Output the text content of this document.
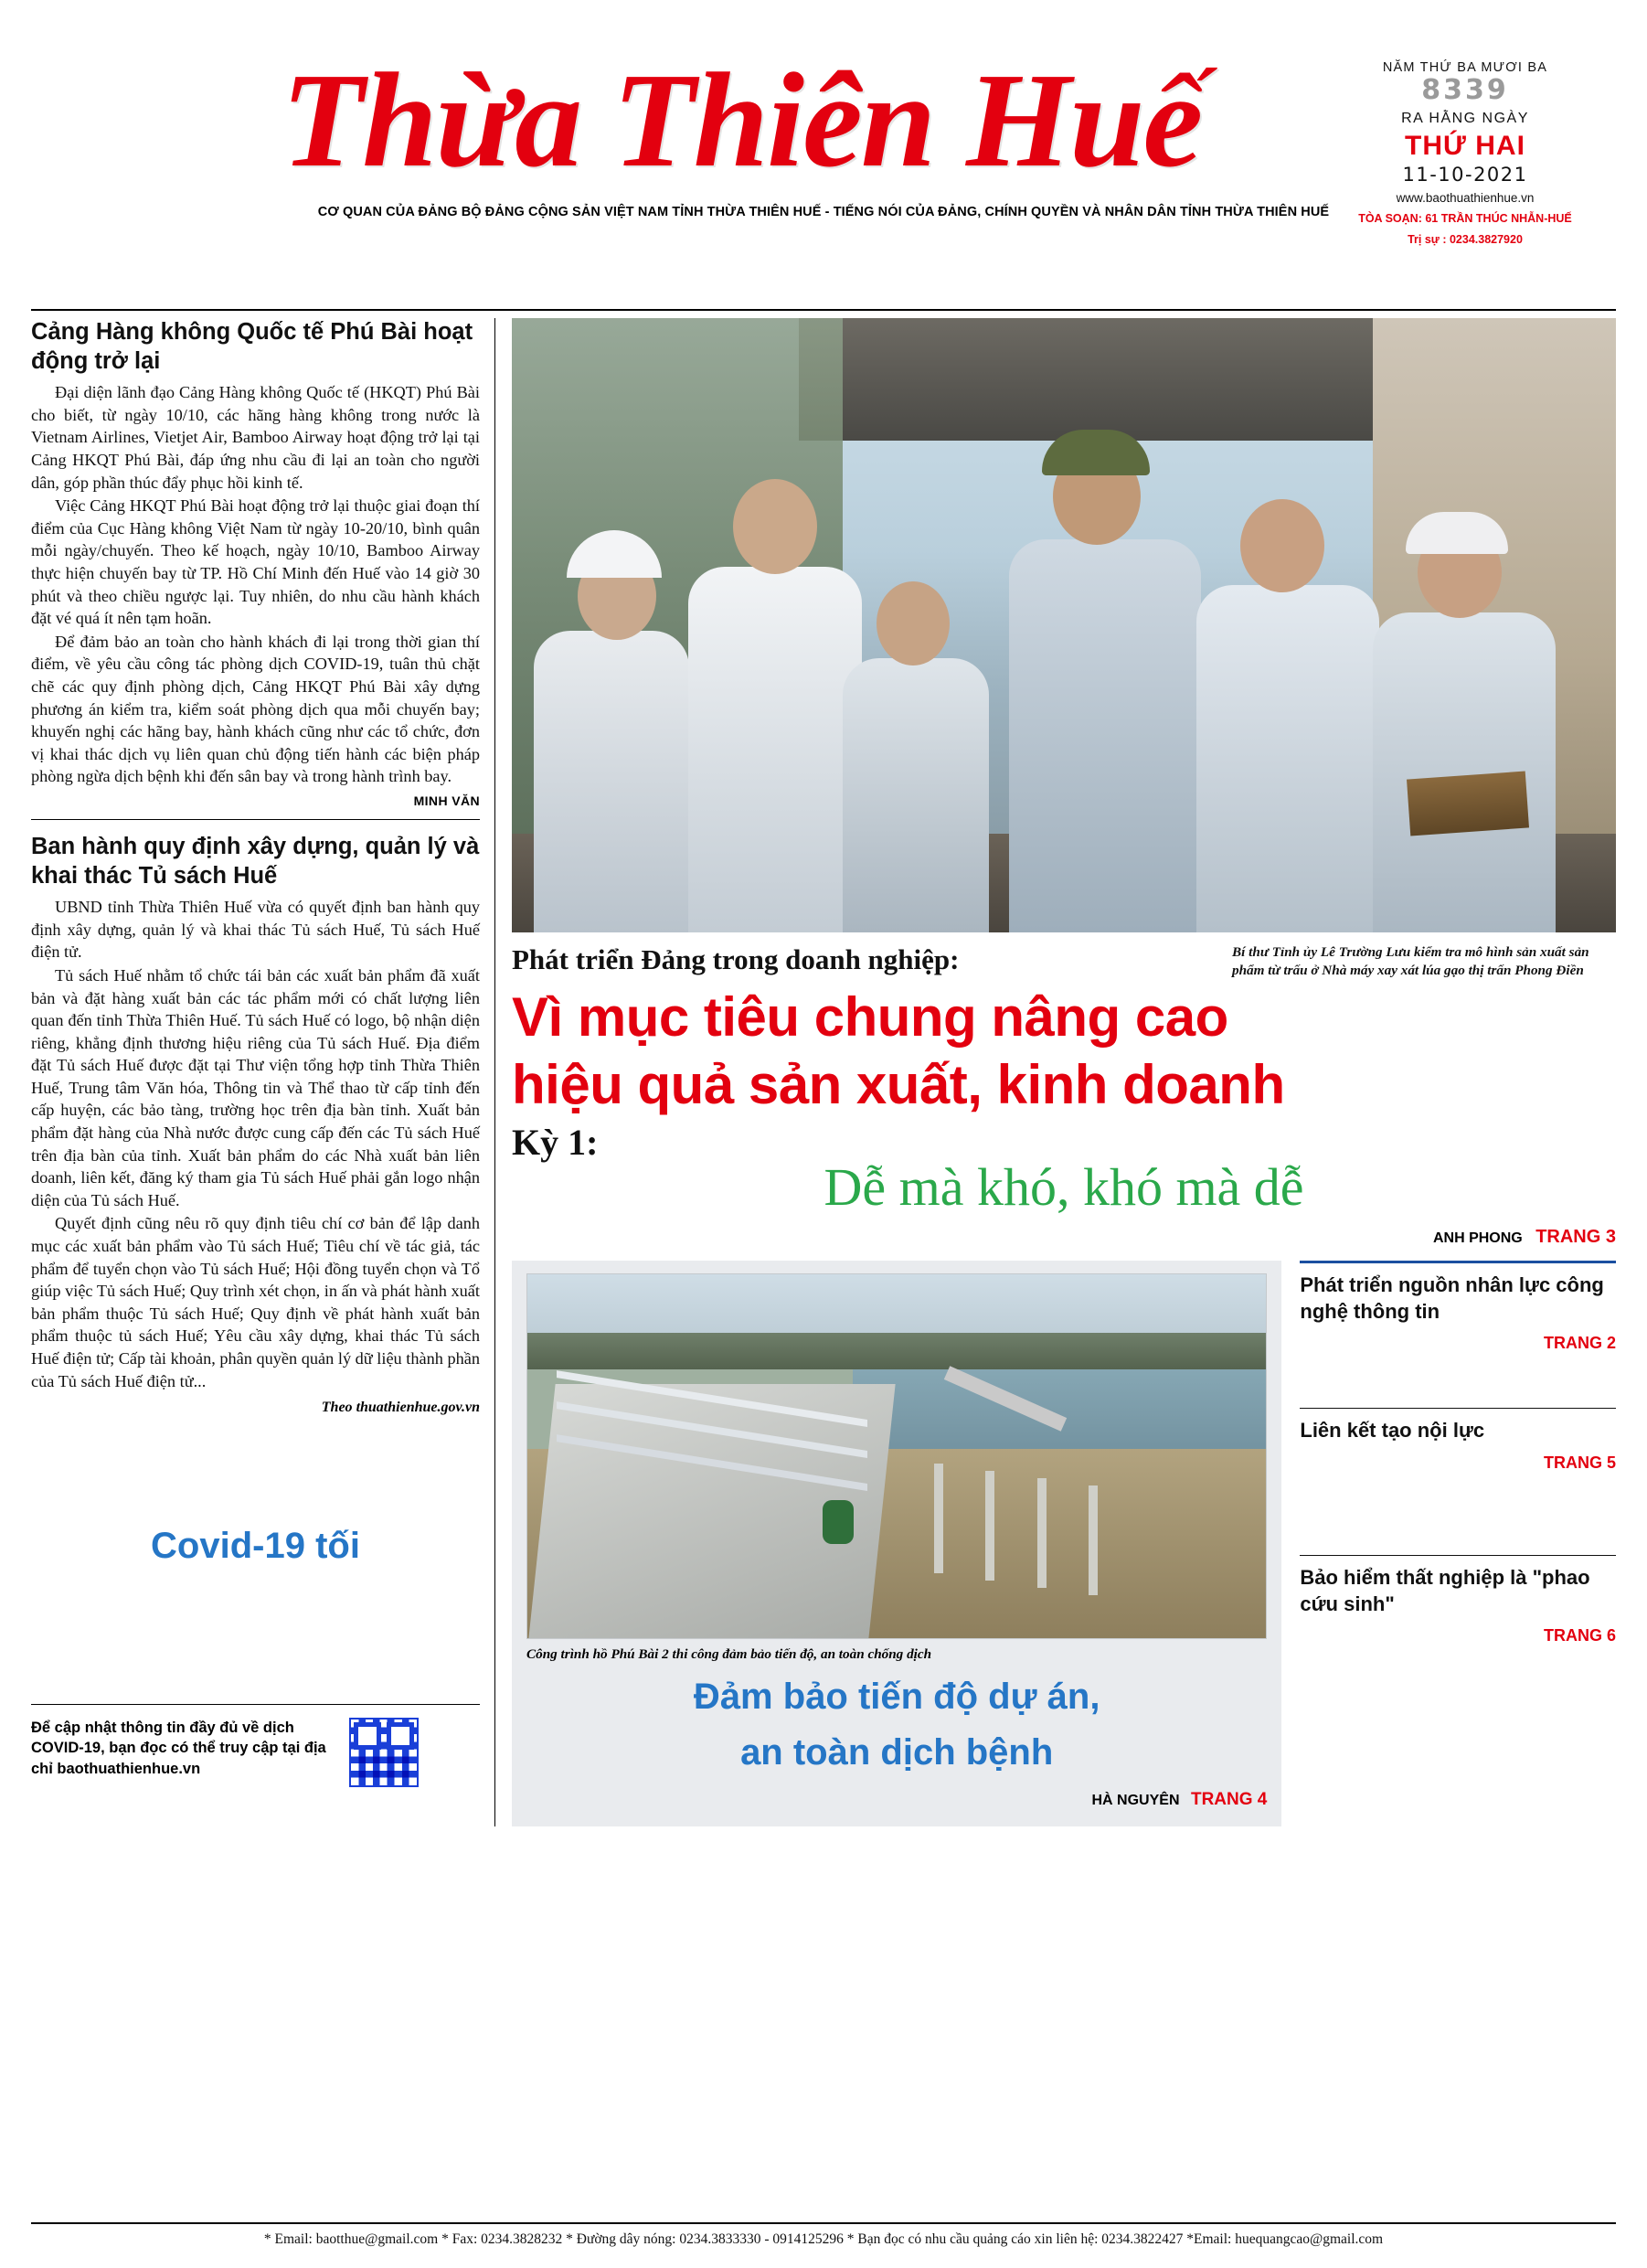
Thừa Thiên Huế
CƠ QUAN CỦA ĐẢNG BỘ ĐẢNG CỘNG SẢN VIỆT NAM TỈNH THỪA THIÊN HUẾ - TIẾNG NÓI CỦA ĐẢNG, CHÍNH QUYỀN VÀ NHÂN DÂN TỈNH THỪA THIÊN HUẾ
NĂM THỨ BA MƯƠI BA
8339
RA HẰNG NGÀY
THỨ HAI
11-10-2021
www.baothuathienhue.vn
TÒA SOẠN: 61 TRẦN THÚC NHẪN-HUẾ
Trị sự : 0234.3827920
Cảng Hàng không Quốc tế Phú Bài hoạt động trở lại

Đại diện lãnh đạo Cảng Hàng không Quốc tế (HKQT) Phú Bài cho biết, từ ngày 10/10, các hãng hàng không trong nước là Vietnam Airlines, Vietjet Air, Bamboo Airway hoạt động trở lại tại Cảng HKQT Phú Bài, đáp ứng nhu cầu đi lại an toàn cho người dân, góp phần thúc đẩy phục hồi kinh tế.

Việc Cảng HKQT Phú Bài hoạt động trở lại thuộc giai đoạn thí điểm của Cục Hàng không Việt Nam từ ngày 10-20/10, bình quân mỗi ngày/chuyến. Theo kế hoạch, ngày 10/10, Bamboo Airway thực hiện chuyến bay từ TP. Hồ Chí Minh đến Huế vào 14 giờ 30 phút và theo chiều ngược lại. Tuy nhiên, do nhu cầu hành khách đặt vé quá ít nên tạm hoãn.

Để đảm bảo an toàn cho hành khách đi lại trong thời gian thí điểm, về yêu cầu công tác phòng dịch COVID-19, tuân thủ chặt chẽ các quy định phòng dịch, Cảng HKQT Phú Bài xây dựng phương án kiểm tra, kiểm soát phòng dịch qua mỗi chuyến bay; khuyến nghị các hãng bay, hành khách cũng như các tổ chức, đơn vị khai thác dịch vụ liên quan chủ động tiến hành các biện pháp phòng ngừa dịch bệnh khi đến sân bay và trong hành trình bay.

MINH VĂN
Ban hành quy định xây dựng, quản lý và khai thác Tủ sách Huế

UBND tỉnh Thừa Thiên Huế vừa có quyết định ban hành quy định xây dựng, quản lý và khai thác Tủ sách Huế, Tủ sách Huế điện tử.

Tủ sách Huế nhằm tổ chức tái bản các xuất bản phẩm đã xuất bản và đặt hàng xuất bản các tác phẩm mới có chất lượng liên quan đến tỉnh Thừa Thiên Huế. Tủ sách Huế có logo, bộ nhận diện riêng, khẳng định thương hiệu riêng của Tủ sách Huế. Địa điểm đặt Tủ sách Huế được đặt tại Thư viện tổng hợp tỉnh Thừa Thiên Huế, Trung tâm Văn hóa, Thông tin và Thể thao từ cấp tỉnh đến cấp huyện, các bảo tàng, trường học trên địa bàn tỉnh. Xuất bản phẩm đặt hàng của Nhà nước được cung cấp đến các Tủ sách Huế trên địa bàn của tỉnh. Xuất bản phẩm do các Nhà xuất bản liên doanh, liên kết, đăng ký tham gia Tủ sách Huế phải gắn logo nhận diện của Tủ sách Huế.

Quyết định cũng nêu rõ quy định tiêu chí cơ bản để lập danh mục các xuất bản phẩm vào Tủ sách Huế; Tiêu chí về tác giả, tác phẩm để tuyển chọn vào Tủ sách Huế; Hội đồng tuyển chọn và Tổ giúp việc Tủ sách Huế; Quy trình xét chọn, in ấn và phát hành xuất bản phẩm thuộc Tủ sách Huế; Quy định về phát hành xuất bản phẩm thuộc tủ sách Huế; Yêu cầu xây dựng, khai thác Tủ sách Huế điện tử; Cấp tài khoản, phân quyền quản lý dữ liệu thành phần của Tủ sách Huế điện tử...

Theo thuathienhue.gov.vn
Covid-19 tối
Để cập nhật thông tin đầy đủ về dịch COVID-19, bạn đọc có thể truy cập tại địa chỉ baothuathienhue.vn
Phát triển Đảng trong doanh nghiệp:	Bí thư Tỉnh ủy Lê Trường Lưu kiểm tra mô hình sản xuất sản phẩm từ trấu ở Nhà máy xay xát lúa gạo thị trấn Phong Điền
Vì mục tiêu chung nâng cao
hiệu quả sản xuất, kinh doanh
Kỳ 1:
Dễ mà khó, khó mà dễ
ANH PHONG TRANG 3
Công trình hồ Phú Bài 2 thi công đảm bảo tiến độ, an toàn chống dịch
Đảm bảo tiến độ dự án,
an toàn dịch bệnh
HÀ NGUYÊN TRANG 4
Phát triển nguồn nhân lực công nghệ thông tin
TRANG 2
Liên kết tạo nội lực
TRANG 5
Bảo hiểm thất nghiệp là "phao cứu sinh"
TRANG 6
* Email: baotthue@gmail.com * Fax: 0234.3828232 * Đường dây nóng: 0234.3833330 - 0914125296 * Bạn đọc có nhu cầu quảng cáo xin liên hệ: 0234.3822427 *Email: huequangcao@gmail.com
